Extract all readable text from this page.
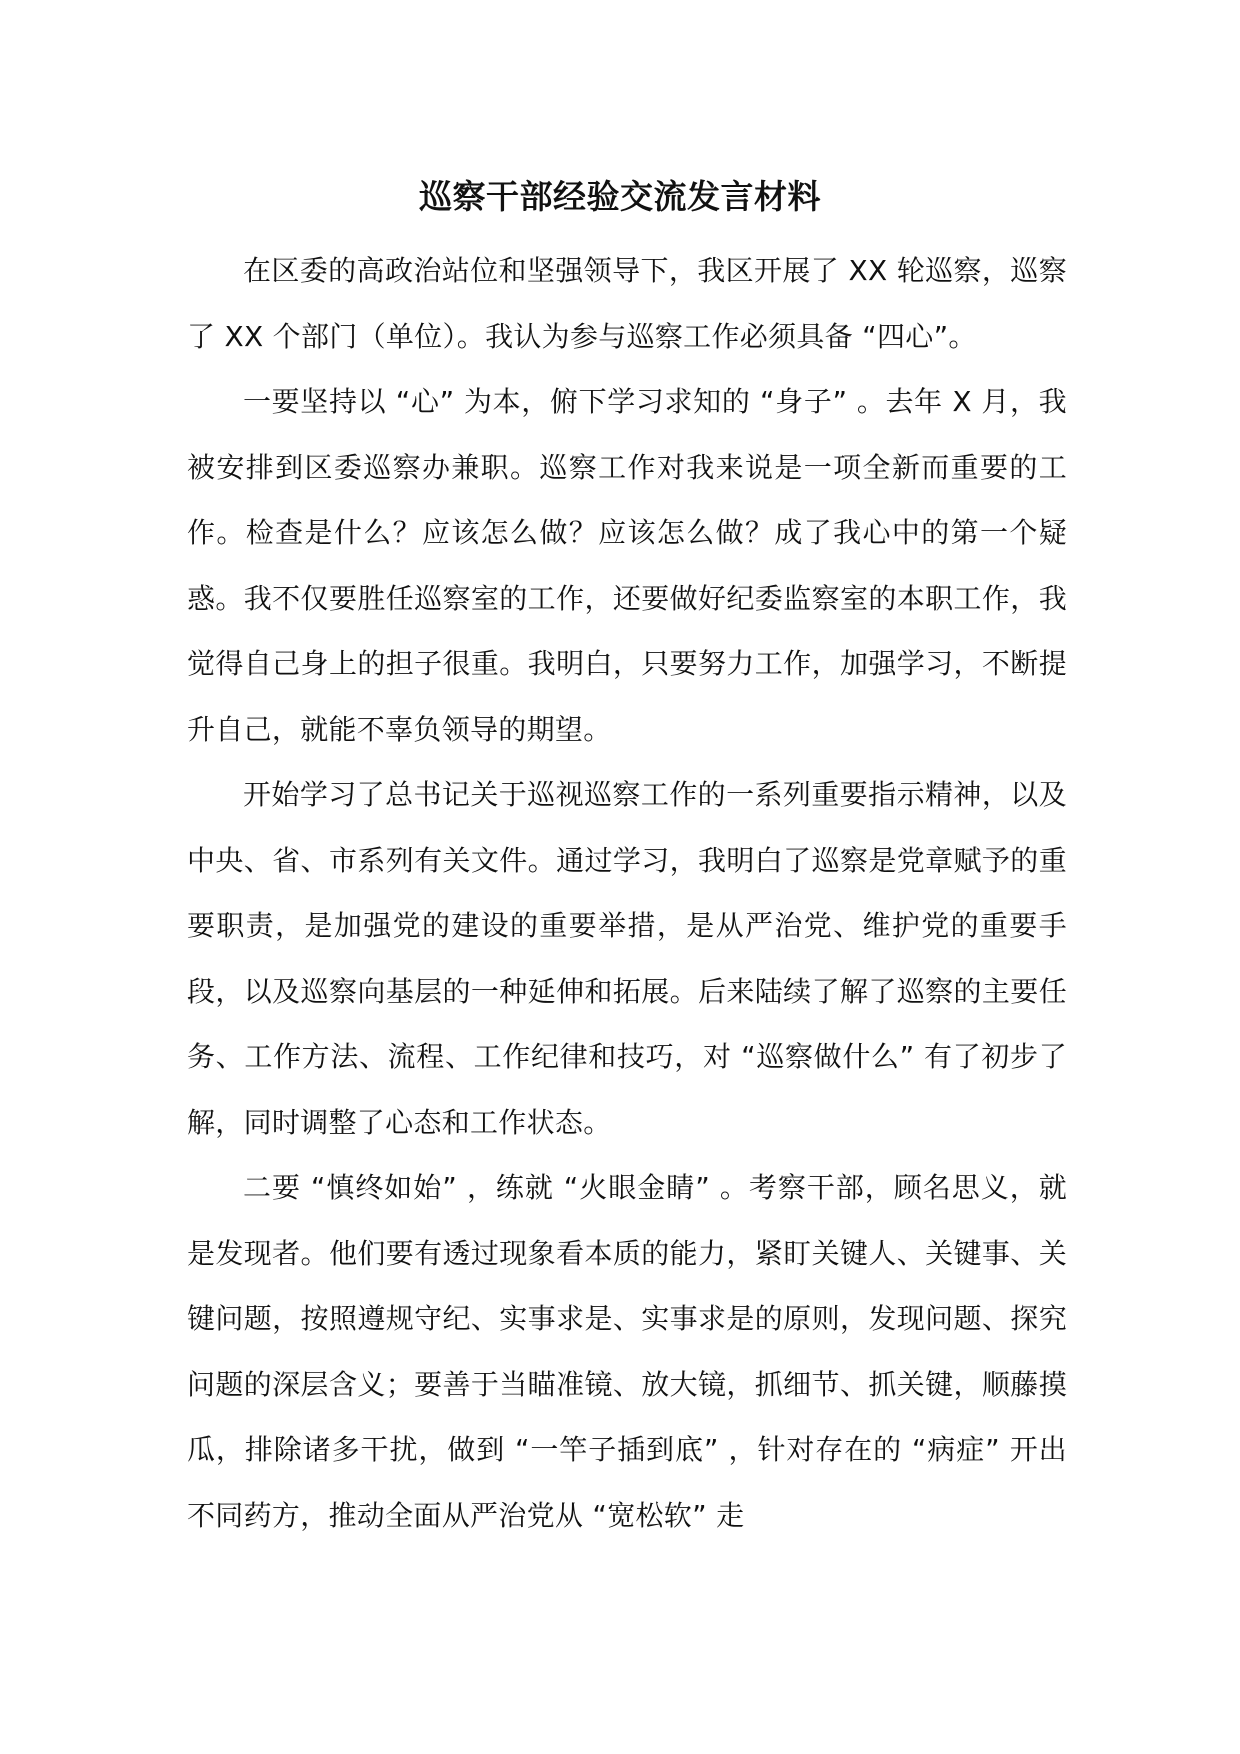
巡察干部经验交流发言材料

在区委的高政治站位和坚强领导下，我区开展了 XX 轮巡察，巡察了 XX 个部门（单位）。我认为参与巡察工作必须具备 “四心”。

一要坚持以 “心” 为本，俯下学习求知的 “身子” 。去年 X 月，我被安排到区委巡察办兼职。巡察工作对我来说是一项全新而重要的工作。检查是什么？应该怎么做？应该怎么做？成了我心中的第一个疑惑。我不仅要胜任巡察室的工作，还要做好纪委监察室的本职工作，我觉得自己身上的担子很重。我明白，只要努力工作，加强学习，不断提升自己，就能不辜负领导的期望。

开始学习了总书记关于巡视巡察工作的一系列重要指示精神，以及中央、省、市系列有关文件。通过学习，我明白了巡察是党章赋予的重要职责，是加强党的建设的重要举措，是从严治党、维护党的重要手段，以及巡察向基层的一种延伸和拓展。后来陆续了解了巡察的主要任务、工作方法、流程、工作纪律和技巧，对 “巡察做什么” 有了初步了解，同时调整了心态和工作状态。

二要 “慎终如始” ，练就 “火眼金睛” 。考察干部，顾名思义，就是发现者。他们要有透过现象看本质的能力，紧盯关键人、关键事、关键问题，按照遵规守纪、实事求是、实事求是的原则，发现问题、探究问题的深层含义；要善于当瞄准镜、放大镜，抓细节、抓关键，顺藤摸瓜，排除诸多干扰，做到 “一竿子插到底” ，针对存在的 “病症” 开出不同药方，推动全面从严治党从 “宽松软” 走
